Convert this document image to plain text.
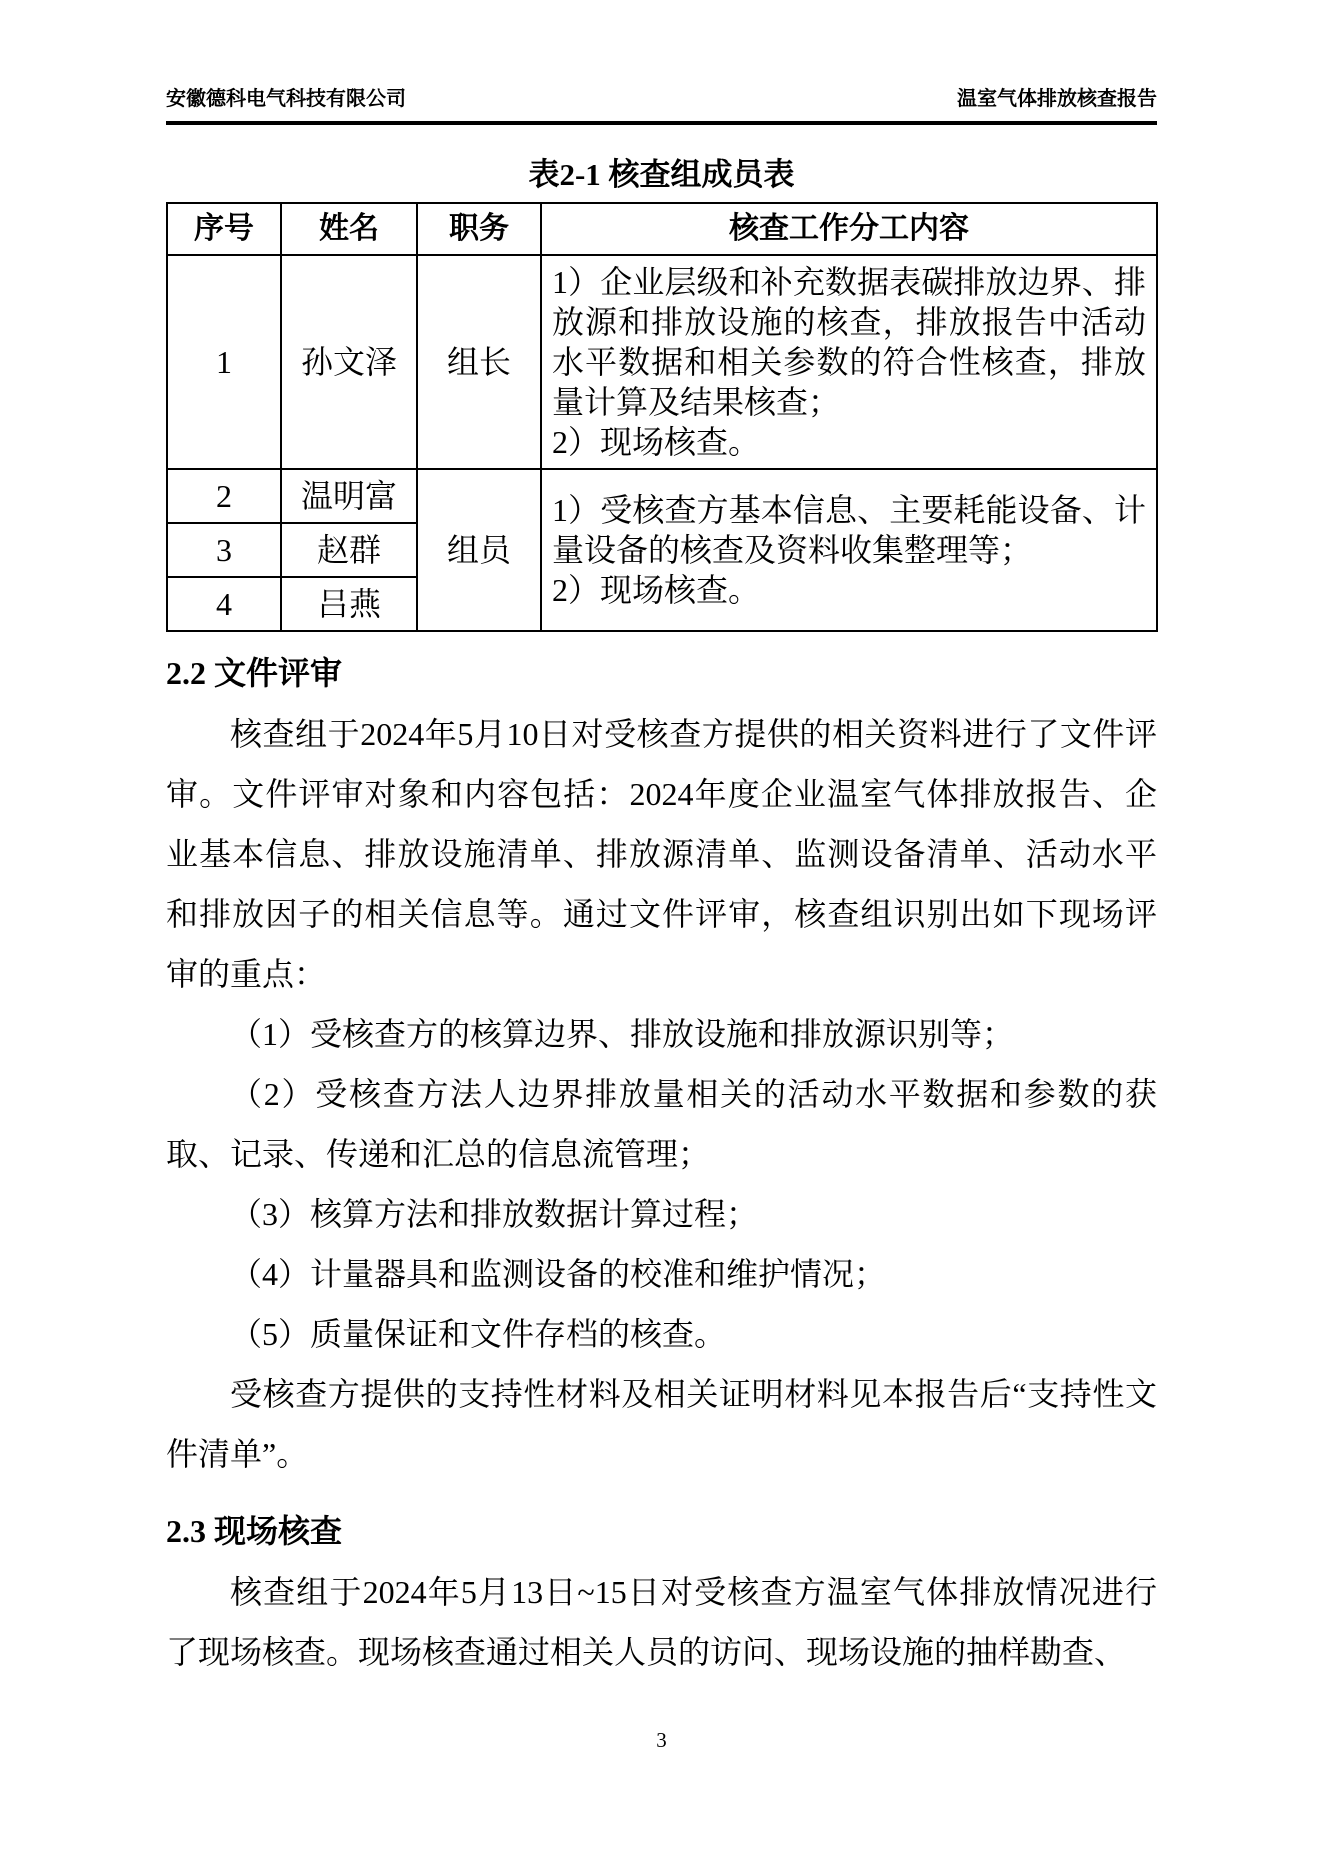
安徽德科电气科技有限公司	温室气体排放核查报告
表2-1 核查组成员表
序号	姓名	职务	核查工作分工内容
1	孙文泽	组长	1）企业层级和补充数据表碳排放边界、排放源和排放设施的核查，排放报告中活动水平数据和相关参数的符合性核查，排放量计算及结果核查；
2）现场核查。

2	温明富	组员	1）受核查方基本信息、主要耗能设备、计量设备的核查及资料收集整理等；
2）现场核查。

3	赵群		
4	吕燕		
2.2 文件评审

核查组于2024年5月10日对受核查方提供的相关资料进行了文件评审。文件评审对象和内容包括：2024年度企业温室气体排放报告、企业基本信息、排放设施清单、排放源清单、监测设备清单、活动水平和排放因子的相关信息等。通过文件评审，核查组识别出如下现场评审的重点：

（1）受核查方的核算边界、排放设施和排放源识别等；

（2）受核查方法人边界排放量相关的活动水平数据和参数的获取、记录、传递和汇总的信息流管理；

（3）核算方法和排放数据计算过程；

（4）计量器具和监测设备的校准和维护情况；

（5）质量保证和文件存档的核查。

受核查方提供的支持性材料及相关证明材料见本报告后“支持性文件清单”。

2.3 现场核查

核查组于2024年5月13日~15日对受核查方温室气体排放情况进行了现场核查。现场核查通过相关人员的访问、现场设施的抽样勘查、

3
